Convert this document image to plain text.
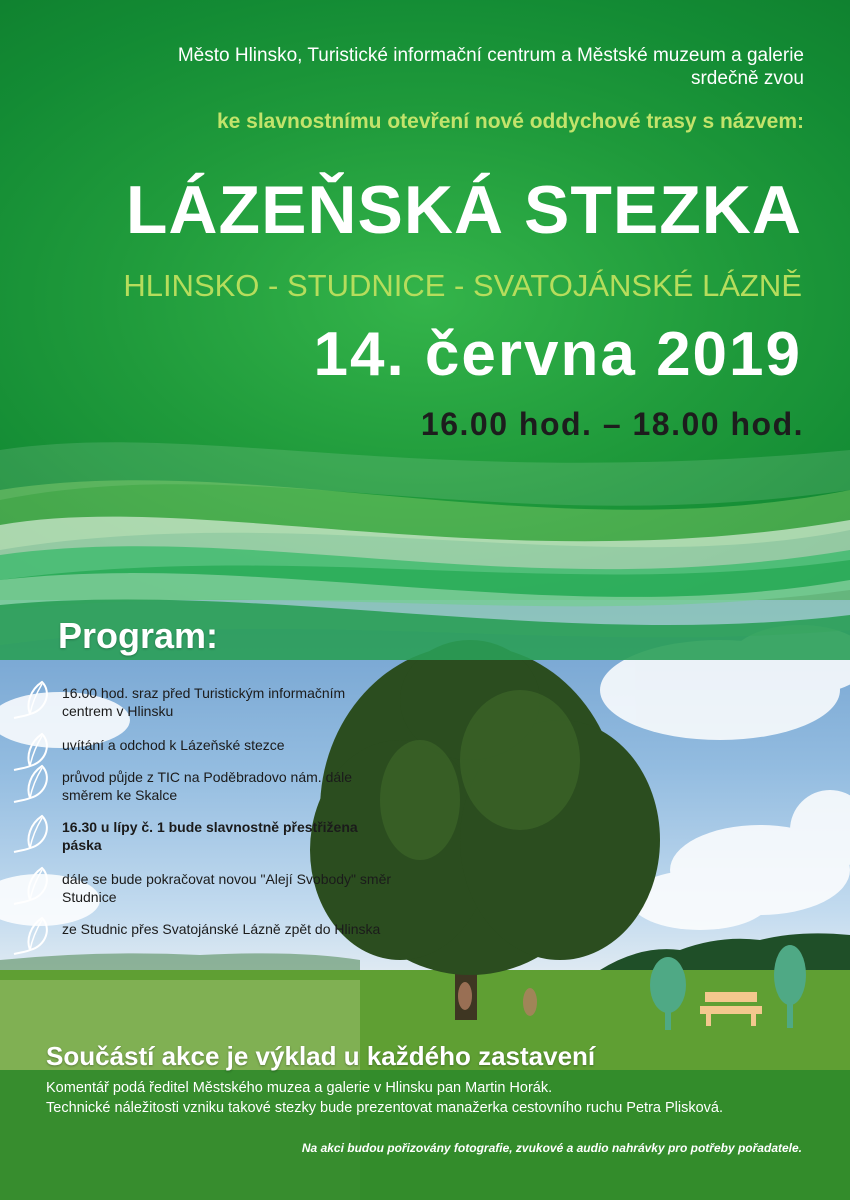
Město Hlinsko, Turistické informační centrum a Městské muzeum a galerie
srdečně zvou
ke slavnostnímu otevření nové oddychové trasy s názvem:
LÁZEŇSKÁ STEZKA
HLINSKO - STUDNICE - SVATOJÁNSKÉ LÁZNĚ
14. června 2019
16.00 hod. – 18.00 hod.
Program:
16.00 hod. sraz před Turistickým informačním centrem v Hlinsku
uvítání a odchod k Lázeňské stezce
průvod půjde z TIC na Poděbradovo nám. dále směrem ke Skalce
16.30 u lípy č. 1 bude slavnostně přestřižena páska
dále se bude pokračovat novou "Alejí Svobody" směr Studnice
ze Studnic přes Svatojánské Lázně zpět do Hlinska
Součástí akce je výklad u každého zastavení
Komentář podá ředitel Městského muzea a galerie v Hlinsku pan Martin Horák.
Technické náležitosti vzniku takové stezky bude prezentovat manažerka cestovního ruchu Petra Plisková.
Na akci budou pořizovány fotografie, zvukové a audio nahrávky pro potřeby pořadatele.
